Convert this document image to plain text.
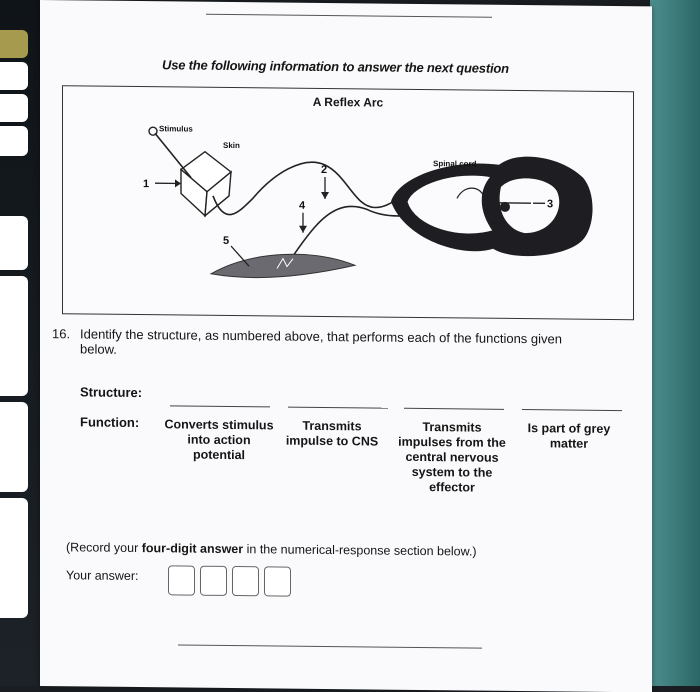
Use the following information to answer the next question
A Reflex Arc
Stimulus
Skin
Spinal cord
1
2
3
4
5
16. Identify the structure, as numbered above, that performs each of the functions given below.
Structure:
Function: Converts stimulus into action potential
Transmits impulse to CNS
Transmits impulses from the central nervous system to the effector
Is part of grey matter
(Record your four-digit answer in the numerical-response section below.)
Your answer:
